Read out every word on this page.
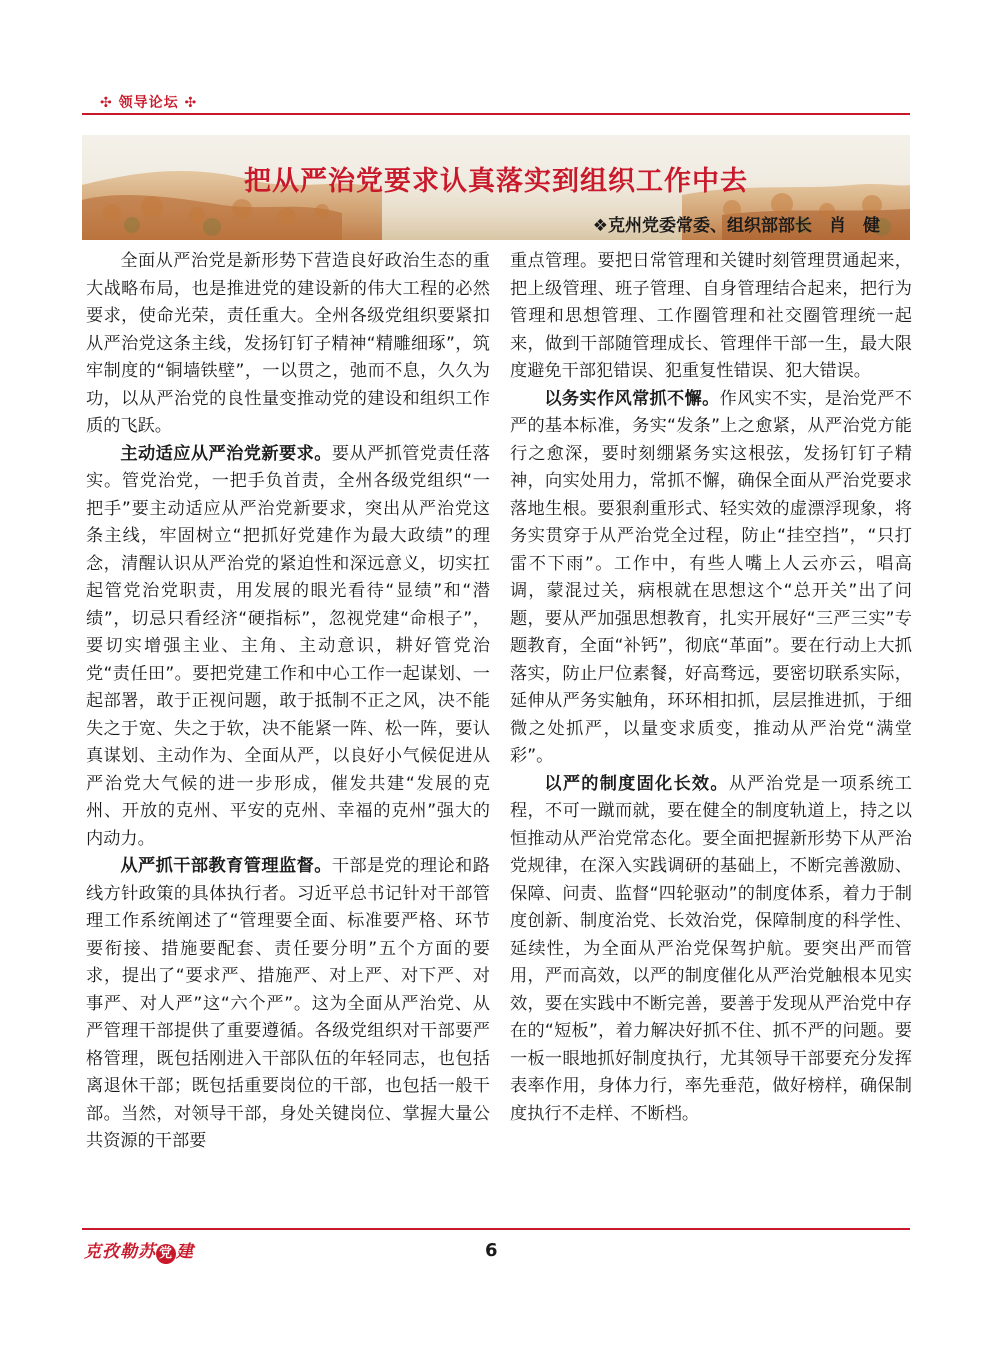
✣ 领导论坛 ✣
把从严治党要求认真落实到组织工作中去
❖克州党委常委、组织部部长　肖　健

全面从严治党是新形势下营造良好政治生态的重大战略布局，也是推进党的建设新的伟大工程的必然要求，使命光荣，责任重大。全州各级党组织要紧扣从严治党这条主线，发扬钉钉子精神“精雕细琢”，筑牢制度的“铜墙铁壁”，一以贯之，弛而不息，久久为功，以从严治党的良性量变推动党的建设和组织工作质的飞跃。

主动适应从严治党新要求。要从严抓管党责任落实。管党治党，一把手负首责，全州各级党组织“一把手”要主动适应从严治党新要求，突出从严治党这条主线，牢固树立“把抓好党建作为最大政绩”的理念，清醒认识从严治党的紧迫性和深远意义，切实扛起管党治党职责，用发展的眼光看待“显绩”和“潜绩”，切忌只看经济“硬指标”，忽视党建“命根子”，要切实增强主业、主角、主动意识，耕好管党治党“责任田”。要把党建工作和中心工作一起谋划、一起部署，敢于正视问题，敢于抵制不正之风，决不能失之于宽、失之于软，决不能紧一阵、松一阵，要认真谋划、主动作为、全面从严，以良好小气候促进从严治党大气候的进一步形成，催发共建“发展的克州、开放的克州、平安的克州、幸福的克州”强大的内动力。

从严抓干部教育管理监督。干部是党的理论和路线方针政策的具体执行者。习近平总书记针对干部管理工作系统阐述了“管理要全面、标准要严格、环节要衔接、措施要配套、责任要分明”五个方面的要求，提出了“要求严、措施严、对上严、对下严、对事严、对人严”这“六个严”。这为全面从严治党、从严管理干部提供了重要遵循。各级党组织对干部要严格管理，既包括刚进入干部队伍的年轻同志，也包括离退休干部；既包括重要岗位的干部，也包括一般干部。当然，对领导干部，身处关键岗位、掌握大量公共资源的干部要

重点管理。要把日常管理和关键时刻管理贯通起来，把上级管理、班子管理、自身管理结合起来，把行为管理和思想管理、工作圈管理和社交圈管理统一起来，做到干部随管理成长、管理伴干部一生，最大限度避免干部犯错误、犯重复性错误、犯大错误。

以务实作风常抓不懈。作风实不实，是治党严不严的基本标准，务实“发条”上之愈紧，从严治党方能行之愈深，要时刻绷紧务实这根弦，发扬钉钉子精神，向实处用力，常抓不懈，确保全面从严治党要求落地生根。要狠刹重形式、轻实效的虚漂浮现象，将务实贯穿于从严治党全过程，防止“挂空挡”，“只打雷不下雨”。工作中，有些人嘴上人云亦云，唱高调，蒙混过关，病根就在思想这个“总开关”出了问题，要从严加强思想教育，扎实开展好“三严三实”专题教育，全面“补钙”，彻底“革面”。要在行动上大抓落实，防止尸位素餐，好高骛远，要密切联系实际，延伸从严务实触角，环环相扣抓，层层推进抓，于细微之处抓严，以量变求质变，推动从严治党“满堂彩”。

以严的制度固化长效。从严治党是一项系统工程，不可一蹴而就，要在健全的制度轨道上，持之以恒推动从严治党常态化。要全面把握新形势下从严治党规律，在深入实践调研的基础上，不断完善激励、保障、问责、监督“四轮驱动”的制度体系，着力于制度创新、制度治党、长效治党，保障制度的科学性、延续性，为全面从严治党保驾护航。要突出严而管用，严而高效，以严的制度催化从严治党触根本见实效，要在实践中不断完善，要善于发现从严治党中存在的“短板”，着力解决好抓不住、抓不严的问题。要一板一眼地抓好制度执行，尤其领导干部要充分发挥表率作用，身体力行，率先垂范，做好榜样，确保制度执行不走样、不断档。

克孜勒苏 党 建	6
